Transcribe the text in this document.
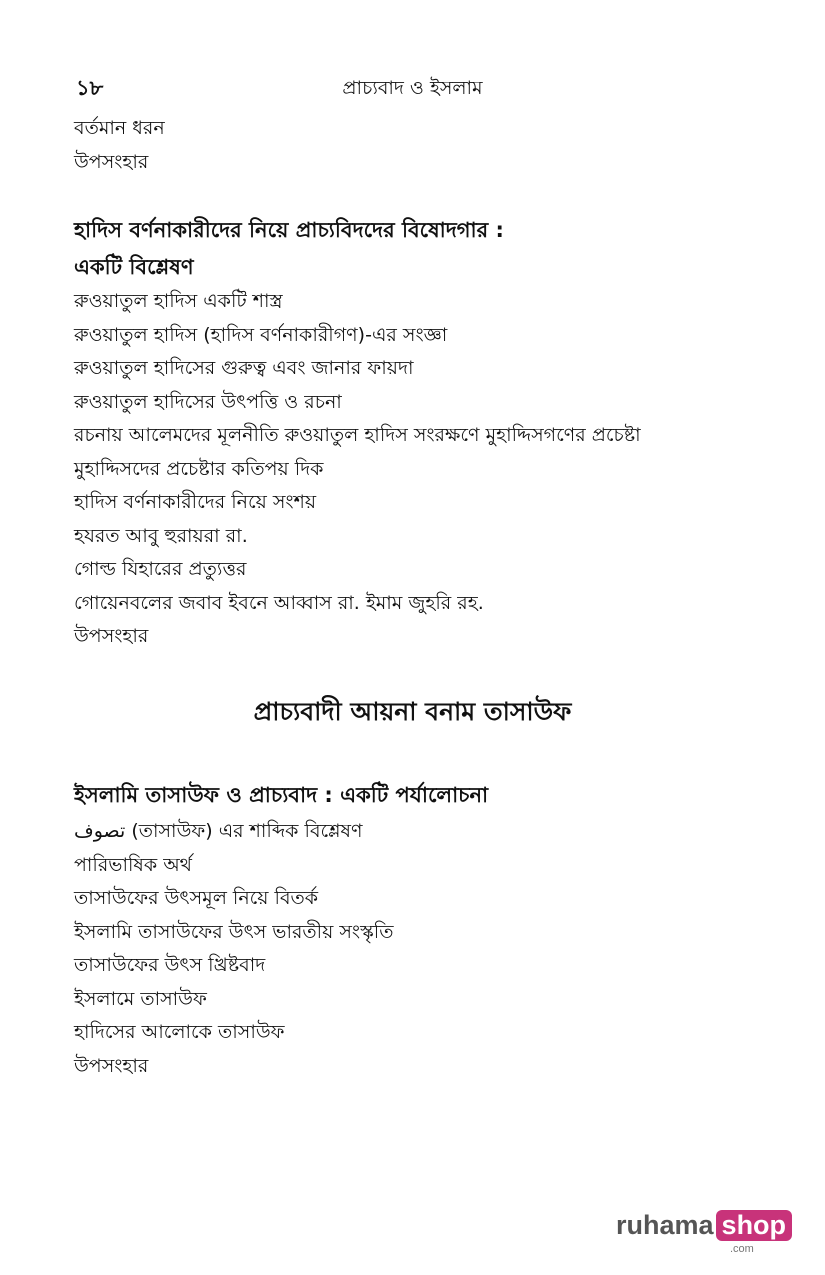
১৮	প্রাচ্যবাদ ও ইসলাম
বর্তমান ধরন
উপসংহার
হাদিস বর্ণনাকারীদের নিয়ে প্রাচ্যবিদদের বিষোদগার :
একটি বিশ্লেষণ
রুওয়াতুল হাদিস একটি শাস্ত্র
রুওয়াতুল হাদিস (হাদিস বর্ণনাকারীগণ)-এর সংজ্ঞা
রুওয়াতুল হাদিসের গুরুত্ব এবং জানার ফায়দা
রুওয়াতুল হাদিসের উৎপত্তি ও রচনা
রচনায় আলেমদের মূলনীতি রুওয়াতুল হাদিস সংরক্ষণে মুহাদ্দিসগণের প্রচেষ্টা
মুহাদ্দিসদের প্রচেষ্টার কতিপয় দিক
হাদিস বর্ণনাকারীদের নিয়ে সংশয়
হযরত আবু হুরায়রা রা.
গোল্ড যিহারের প্রত্যুত্তর
গোয়েনবলের জবাব ইবনে আব্বাস রা. ইমাম জুহরি রহ.
উপসংহার
প্রাচ্যবাদী আয়না বনাম তাসাউফ
ইসলামি তাসাউফ ও প্রাচ্যবাদ : একটি পর্যালোচনা
تصوف (তাসাউফ) এর শাব্দিক বিশ্লেষণ
পারিভাষিক অর্থ
তাসাউফের উৎসমূল নিয়ে বিতর্ক
ইসলামি তাসাউফের উৎস ভারতীয় সংস্কৃতি
তাসাউফের উৎস খ্রিষ্টবাদ
ইসলামে তাসাউফ
হাদিসের আলোকে তাসাউফ
উপসংহার
ruhama shop
.com
